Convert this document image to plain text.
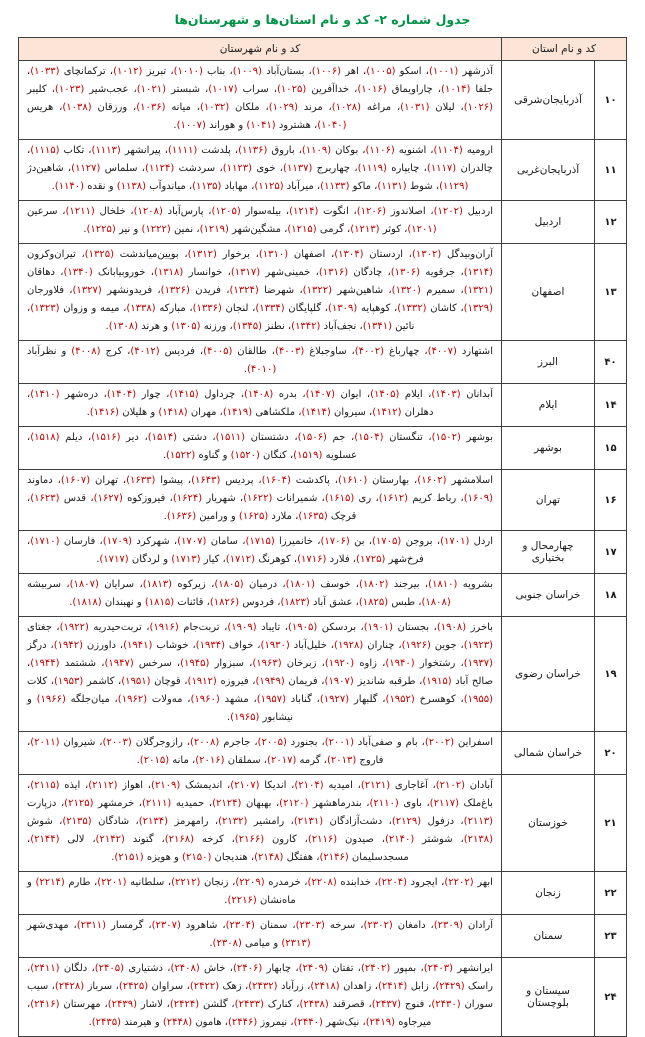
جدول شماره ۲- کد و نام استان‌ها و شهرستان‌ها
کد و نام استان		کد و نام شهرستان
۱۰	آذربایجان‌شرقی	آذرشهر (۱۰۰۱)، اسکو (۱۰۰۵)، اهر (۱۰۰۶)، بستان‌آباد (۱۰۰۹)، بناب (۱۰۱۰)، تبریز (۱۰۱۲)، ترکمانچای (۱۰۳۳)، جلفا (۱۰۱۴)، چاراویماق (۱۰۱۶)، خداآفرین (۱۰۲۵)، سراب (۱۰۱۷)، شبستر (۱۰۲۱)، عجب‌شیر (۱۰۲۳)، کلیبر (۱۰۲۶)، لیلان (۱۰۳۱)، مراغه (۱۰۲۸)، مرند (۱۰۲۹)، ملکان (۱۰۳۲)، میانه (۱۰۳۶)، ورزقان (۱۰۳۸)، هریس (۱۰۴۰)، هشترود (۱۰۴۱) و هوراند (۱۰۰۷).
۱۱	آذربایجان‌غربی	ارومیه (۱۱۰۴)، اشنویه (۱۱۰۶)، بوکان (۱۱۰۹)، باروق (۱۱۳۶)، پلدشت (۱۱۱۱)، پیرانشهر (۱۱۱۳)، تکاب (۱۱۱۵)، چالدران (۱۱۱۷)، چایپاره (۱۱۱۹)، چهاربرج (۱۱۳۷)، خوی (۱۱۲۳)، سردشت (۱۱۲۴)، سلماس (۱۱۲۷)، شاهین‌دژ (۱۱۲۹)، شوط (۱۱۳۱)، ماکو (۱۱۳۳)، میرآباد (۱۱۲۵)، مهاباد (۱۱۳۵)، میاندوآب (۱۱۳۸) و نقده (۱۱۴۰).
۱۲	اردبیل	اردبیل (۱۲۰۲)، اصلاندوز (۱۲۰۶)، انگوت (۱۲۱۴)، بیله‌سوار (۱۲۰۵)، پارس‌آباد (۱۲۰۸)، خلخال (۱۲۱۱)، سرعین (۱۲۰۱)، کوثر (۱۲۱۳)، گرمی (۱۲۱۵)، مشگین‌شهر (۱۲۱۹)، نمین (۱۲۲۲) و نیر (۱۲۲۵).
۱۳	اصفهان	آران‌وبیدگل (۱۳۰۲)، اردستان (۱۳۰۴)، اصفهان (۱۳۱۰)، برخوار (۱۳۱۲)، بویین‌میاندشت (۱۳۲۵)، تیران‌وکرون (۱۳۱۴)، جرقویه (۱۳۰۶)، چادگان (۱۳۱۶)، خمینی‌شهر (۱۳۱۷)، خوانسار (۱۳۱۸)، خوروبیابانک (۱۳۴۰)، دهاقان (۱۳۲۱)، سمیرم (۱۳۲۰)، شاهین‌شهر (۱۳۲۲)، شهرضا (۱۳۲۴)، فریدن (۱۳۲۶)، فریدونشهر (۱۳۲۷)، فلاورجان (۱۳۲۹)، کاشان (۱۳۳۲)، کوهپایه (۱۳۰۹)، گلپایگان (۱۳۳۴)، لنجان (۱۳۳۶)، مبارکه (۱۳۳۸)، میمه و وزوان (۱۳۲۳)، نائین (۱۳۴۱)، نجف‌آباد (۱۳۴۲)، نطنز (۱۳۴۵)، ورزنه (۱۳۰۵) و هرند (۱۳۰۸).
۴۰	البرز	اشتهارد (۴۰۰۷)، چهارباغ (۴۰۰۲)، ساوجبلاغ (۴۰۰۳)، طالقان (۴۰۰۵)، فردیس (۴۰۱۲)، کرج (۴۰۰۸) و نظرآباد (۴۰۱۰).
۱۴	ایلام	آبدانان (۱۴۰۳)، ایلام (۱۴۰۵)، ایوان (۱۴۰۷)، بدره (۱۴۰۸)، چرداول (۱۴۱۵)، چوار (۱۴۰۴)، دره‌شهر (۱۴۱۰)، دهلران (۱۴۱۲)، سیروان (۱۴۱۴)، ملکشاهی (۱۴۱۹)، مهران (۱۴۱۸) و هلیلان (۱۴۱۶).
۱۵	بوشهر	بوشهر (۱۵۰۲)، تنگستان (۱۵۰۴)، جم (۱۵۰۶)، دشتستان (۱۵۱۱)، دشتی (۱۵۱۴)، دیر (۱۵۱۶)، دیلم (۱۵۱۸)، عسلویه (۱۵۱۹)، کنگان (۱۵۲۰) و گناوه (۱۵۲۲).
۱۶	تهران	اسلامشهر (۱۶۰۲)، بهارستان (۱۶۱۰)، پاکدشت (۱۶۰۴)، پردیس (۱۶۴۳)، پیشوا (۱۶۳۳)، تهران (۱۶۰۷)، دماوند (۱۶۰۹)، رباط کریم (۱۶۱۲)، ری (۱۶۱۵)، شمیرانات (۱۶۲۲)، شهریار (۱۶۲۴)، فیروزکوه (۱۶۲۷)، قدس (۱۶۲۳)، قرچک (۱۶۳۵)، ملارد (۱۶۲۵) و ورامین (۱۶۳۶).
۱۷	چهارمحال و بختیاری	اردل (۱۷۰۱)، بروجن (۱۷۰۵)، بن (۱۷۰۶)، خانمیرزا (۱۷۱۵)، سامان (۱۷۰۷)، شهرکرد (۱۷۰۹)، فارسان (۱۷۱۰)، فرخ‌شهر (۱۷۲۵)، فلارد (۱۷۱۶)، کوهرنگ (۱۷۱۲)، کیار (۱۷۱۳) و لردگان (۱۷۱۷).
۱۸	خراسان جنوبی	بشرویه (۱۸۱۰)، بیرجند (۱۸۰۲)، خوسف (۱۸۰۱)، درمیان (۱۸۰۵)، زیرکوه (۱۸۱۳)، سرایان (۱۸۰۷)، سربیشه (۱۸۰۸)، طبس (۱۸۲۵)، عشق آباد (۱۸۲۳)، فردوس (۱۸۲۶)، قائنات (۱۸۱۵) و نهبندان (۱۸۱۸).
۱۹	خراسان رضوی	باخرز (۱۹۰۸)، بجستان (۱۹۰۱)، بردسکن (۱۹۰۵)، تایباد (۱۹۰۹)، تربت‌جام (۱۹۱۶)، تربت‌حیدریه (۱۹۲۲)، جغتای (۱۹۲۳)، جوین (۱۹۲۶)، چناران (۱۹۲۸)، خلیل‌آباد (۱۹۳۰)، خواف (۱۹۳۴)، خوشاب (۱۹۴۱)، داورزن (۱۹۴۲)، درگز (۱۹۳۷)، رشتخوار (۱۹۴۰)، زاوه (۱۹۲۰)، زبرخان (۱۹۶۳)، سبزوار (۱۹۴۵)، سرخس (۱۹۴۷)، ششتمد (۱۹۴۴)، صالح آباد (۱۹۱۵)، طرقبه شاندیز (۱۹۰۷)، فریمان (۱۹۴۹)، فیروزه (۱۹۱۲)، قوچان (۱۹۵۱)، کاشمر (۱۹۵۳)، کلات (۱۹۵۵)، کوهسرخ (۱۹۵۲)، گلبهار (۱۹۲۷)، گناباد (۱۹۵۷)، مشهد (۱۹۶۰)، مه‌ولات (۱۹۶۲)، میان‌جلگه (۱۹۶۶) و نیشابور (۱۹۶۵).
۲۰	خراسان شمالی	اسفراین (۲۰۰۲)، بام و صفی‌آباد (۲۰۰۱)، بجنورد (۲۰۰۵)، جاجرم (۲۰۰۸)، رازوجرگلان (۲۰۰۳)، شیروان (۲۰۱۱)، فاروج (۲۰۱۳)، گرمه (۲۰۱۷)، سملقان (۲۰۱۶)، مانه (۲۰۱۵).
۲۱	خوزستان	آبادان (۲۱۰۲)، آغاجاری (۲۱۲۱)، امیدیه (۲۱۰۴)، اندیکا (۲۱۰۷)، اندیمشک (۲۱۰۹)، اهواز (۲۱۱۲)، ایذه (۲۱۱۵)، باغ‌ملک (۲۱۱۷)، باوی (۲۱۱۰)، بندرماهشهر (۲۱۲۰)، بهبهان (۲۱۲۴)، حمیدیه (۲۱۱۱)، خرمشهر (۲۱۲۵)، دزپارت (۲۱۱۳)، دزفول (۲۱۲۹)، دشت‌آزادگان (۲۱۳۱)، رامشیر (۲۱۳۲)، رامهرمز (۲۱۳۴)، شادگان (۲۱۳۵)، شوش (۲۱۳۸)، شوشتر (۲۱۴۰)، صیدون (۲۱۱۶)، کارون (۲۱۶۶)، کرخه (۲۱۶۸)، گتوند (۲۱۴۲)، لالی (۲۱۴۴)، مسجدسلیمان (۲۱۴۶)، هفتگل (۲۱۴۸)، هندیجان (۲۱۵۰) و هویزه (۲۱۵۱).
۲۲	زنجان	ابهر (۲۲۰۲)، ایجرود (۲۲۰۴)، خدابنده (۲۲۰۸)، خرمدره (۲۲۰۹)، زنجان (۲۲۱۲)، سلطانیه (۲۲۰۱)، طارم (۲۲۱۴) و ماه‌نشان (۲۲۱۶).
۲۳	سمنان	آرادان (۲۳۰۹)، دامغان (۲۳۰۲)، سرخه (۲۳۰۳)، سمنان (۲۳۰۴)، شاهرود (۲۳۰۷)، گرمسار (۲۳۱۱)، مهدی‌شهر (۲۳۱۳) و میامی (۲۳۰۸).
۲۴	سیستان و بلوچستان	ایرانشهر (۲۴۰۳)، بمپور (۲۴۰۲)، تفتان (۲۴۰۹)، چابهار (۲۴۰۶)، خاش (۲۴۰۸)، دشتیاری (۲۴۰۵)، دلگان (۲۴۱۱)، راسک (۲۴۲۹)، زابل (۲۴۱۴)، زاهدان (۲۴۱۸)، زرآباد (۲۴۳۲)، زهک (۲۴۲۲)، سراوان (۲۴۲۵)، سرباز (۲۴۲۸)، سیب سوران (۲۴۳۰)، فنوج (۲۴۳۷)، قصرقند (۲۴۳۸)، کنارک (۲۴۳۳)، گلشن (۲۴۲۴)، لاشار (۲۴۳۹)، مهرستان (۲۴۱۶)، میرجاوه (۲۴۱۹)، نیک‌شهر (۲۴۴۰)، نیمروز (۲۴۴۶)، هامون (۲۴۴۸) و هیرمند (۲۴۳۵).
